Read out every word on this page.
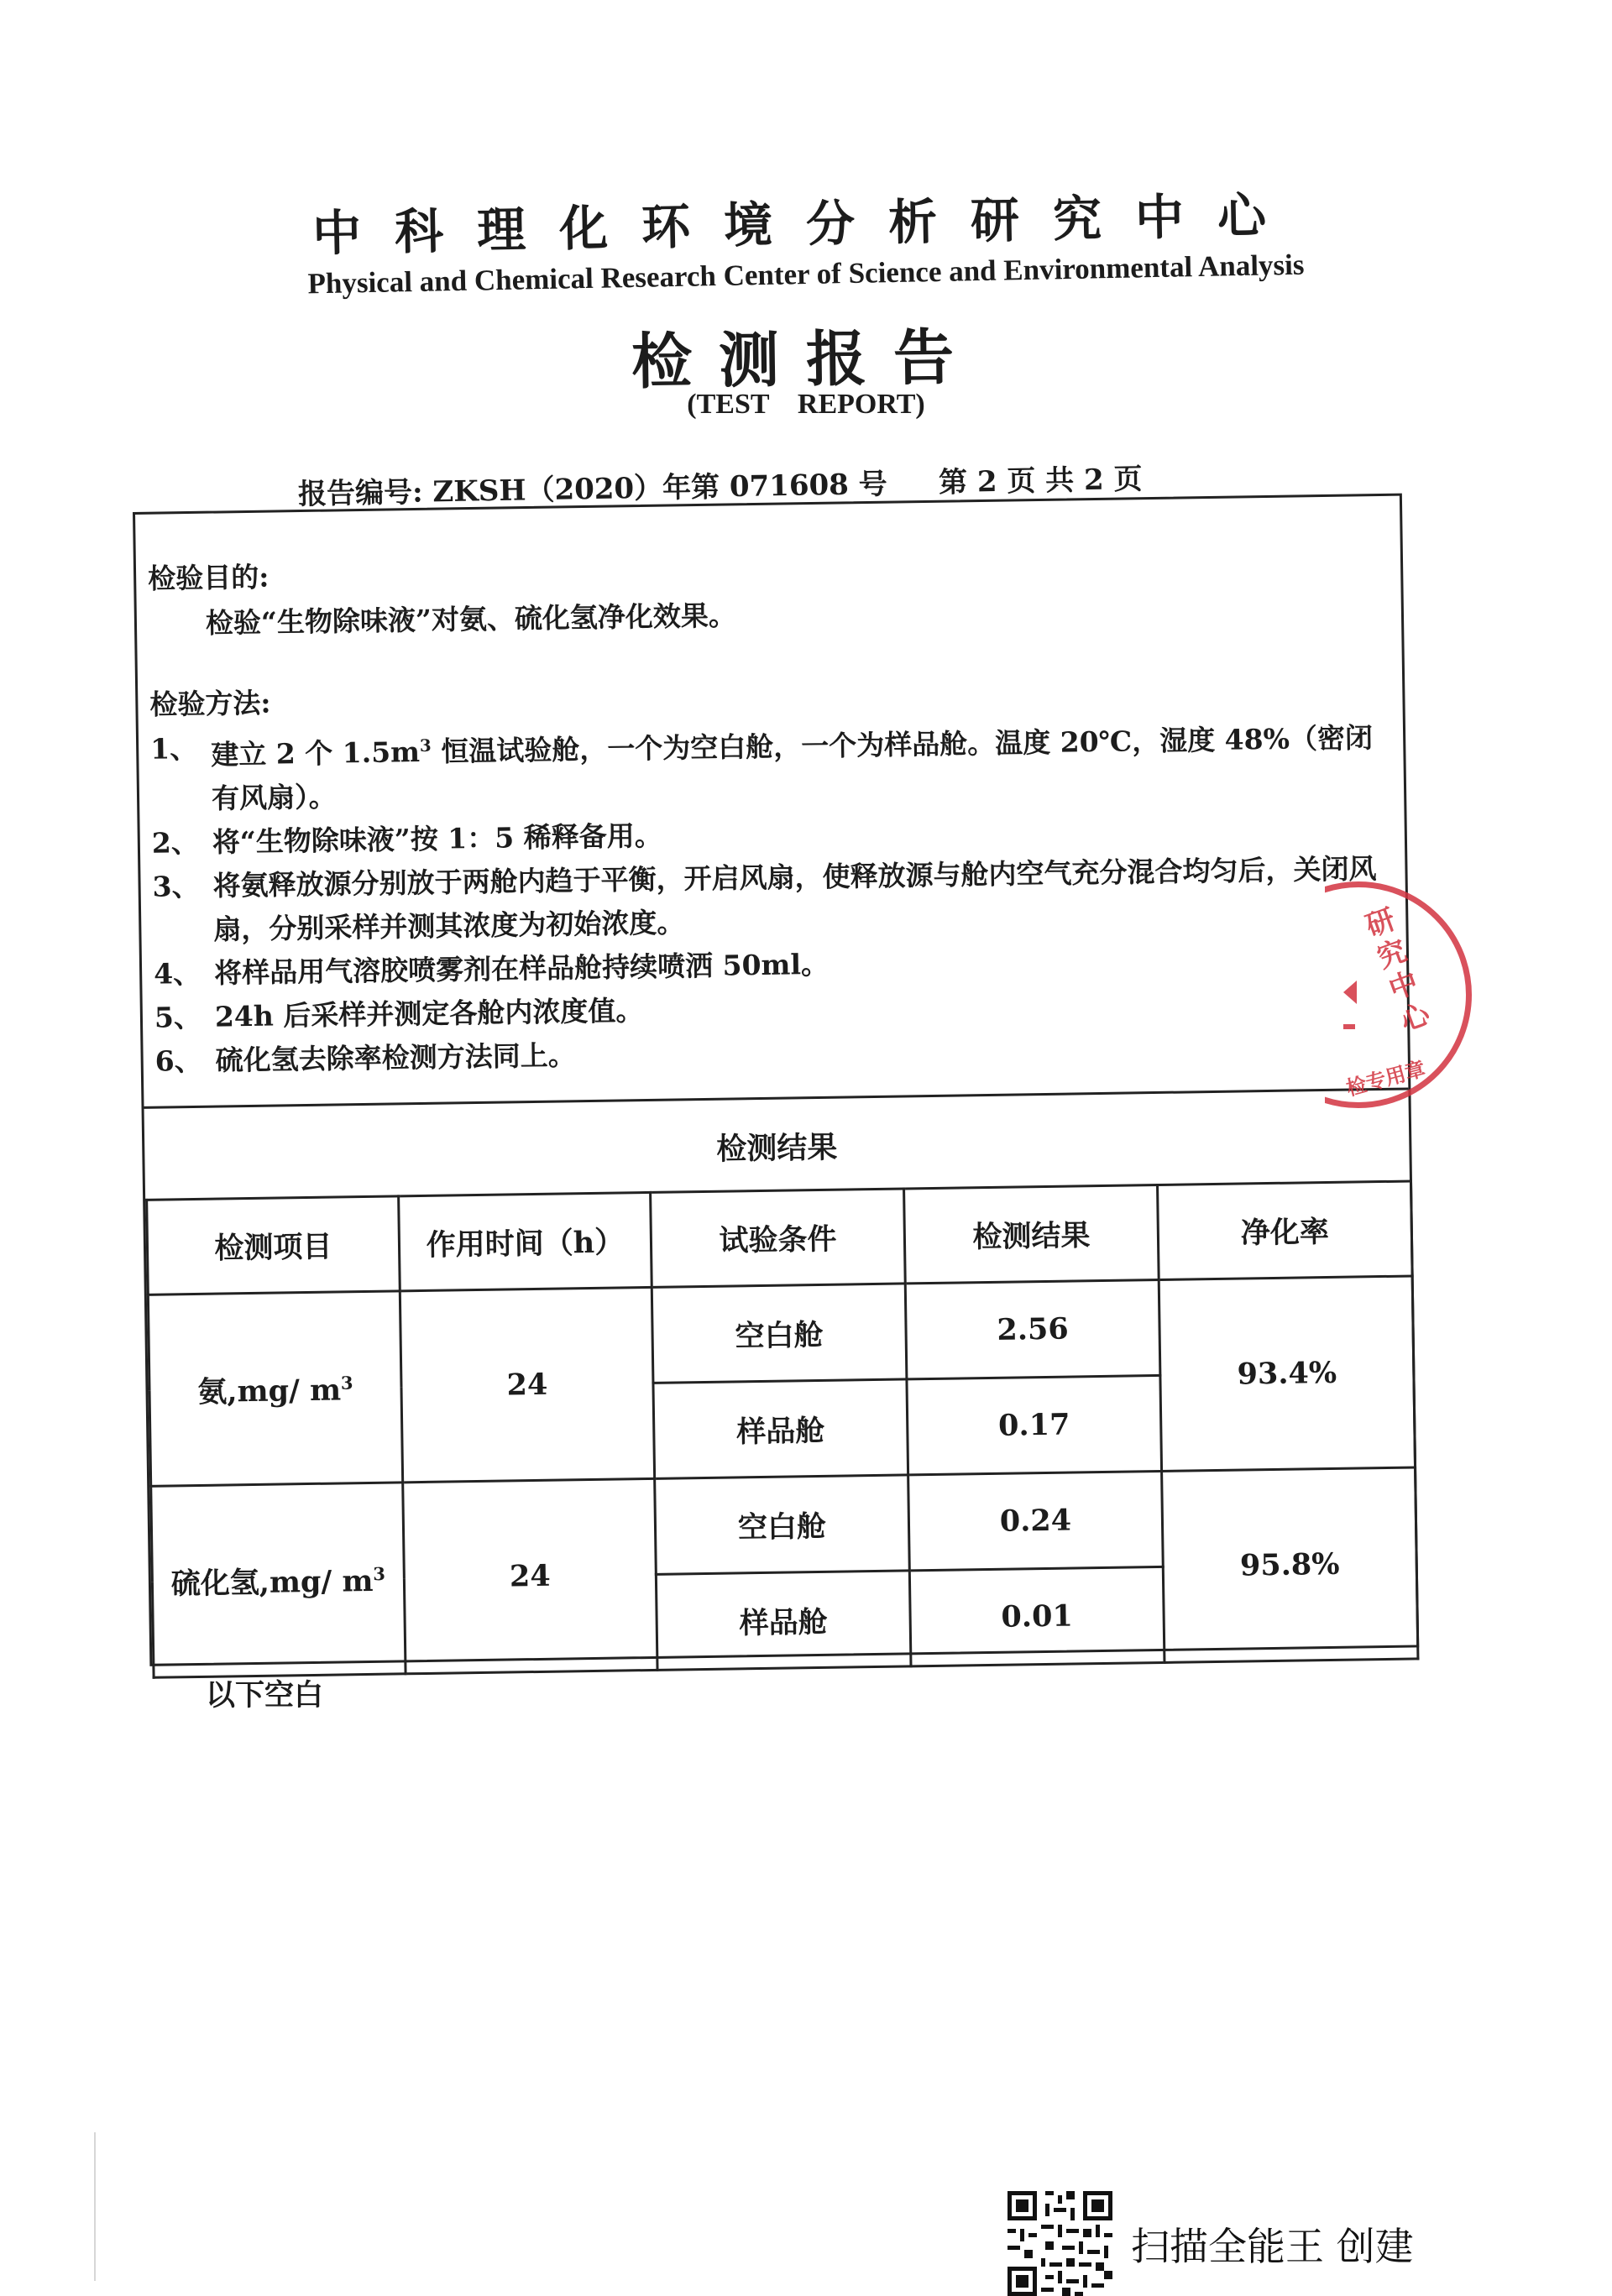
中科理化环境分析研究中心
Physical and Chemical Research Center of Science and Environmental Analysis
检测报告
(TEST    REPORT)
报告编号: ZKSH（2020）年第 071608 号 第 2 页 共 2 页
检验目的:
检验“生物除味液”对氨、硫化氢净化效果。
检验方法:
1、 建立 2 个 $1.5m^3$ 恒温试验舱，一个为空白舱，一个为样品舱。温度 20℃，湿度 48%（密闭有风扇）。
2、 将“生物除味液”按 1：5 稀释备用。
3、 将氨释放源分别放于两舱内趋于平衡，开启风扇，使释放源与舱内空气充分混合均匀后，关闭风扇，分别采样并测其浓度为初始浓度。
4、 将样品用气溶胶喷雾剂在样品舱持续喷洒 50ml。
5、 24h 后采样并测定各舱内浓度值。
6、 硫化氢去除率检测方法同上。
检测结果
检测项目	作用时间（h）	试验条件	检测结果	净化率
氨,mg/ $m^3$	24	空白舱	2.56	93.4%
		样品舱	0.17	
硫化氢,mg/ $m^3$	24	空白舱	0.24	95.8%
		样品舱	0.01	
以下空白
研究中心
检专用章
扫描全能王 创建
